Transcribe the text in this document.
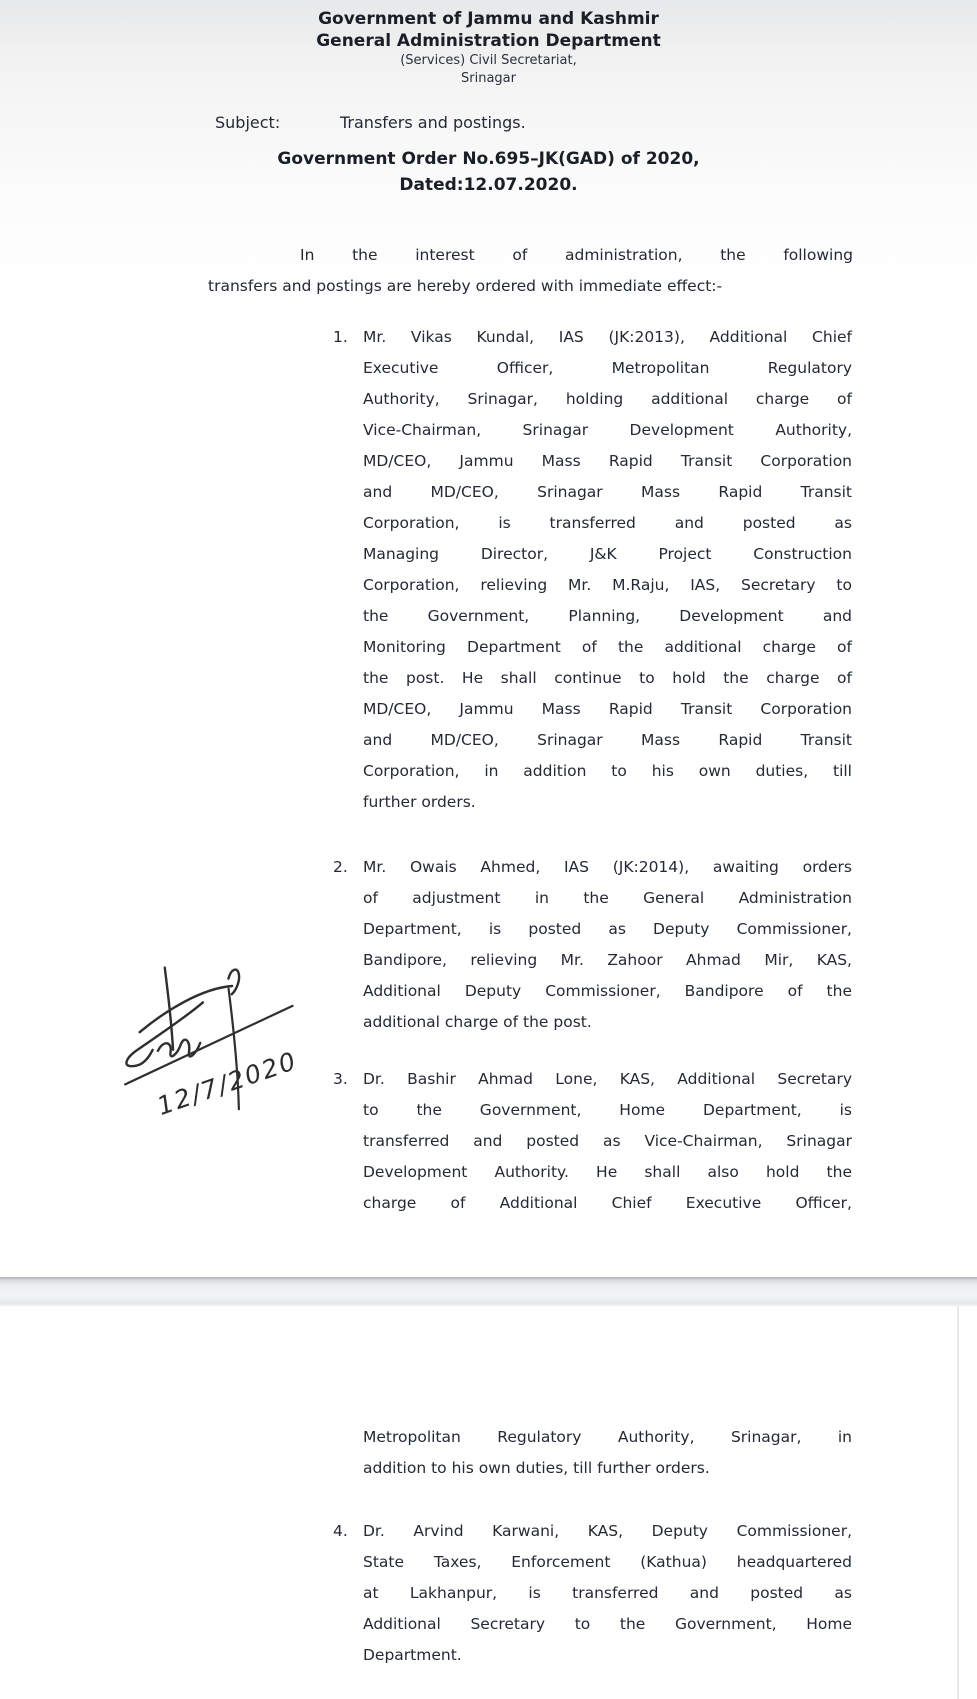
Government of Jammu and Kashmir
General Administration Department
(Services) Civil Secretariat,
Srinagar
Subject:	Transfers and postings.
Government Order No.695–JK(GAD) of 2020,
Dated:12.07.2020.
In the interest of administration, the following
transfers and postings are hereby ordered with immediate effect:-
1. Mr. Vikas Kundal, IAS (JK:2013), Additional Chief
Executive Officer, Metropolitan Regulatory
Authority, Srinagar, holding additional charge of
Vice-Chairman, Srinagar Development Authority,
MD/CEO, Jammu Mass Rapid Transit Corporation
and MD/CEO, Srinagar Mass Rapid Transit
Corporation, is transferred and posted as
Managing Director, J&K Project Construction
Corporation, relieving Mr. M.Raju, IAS, Secretary to
the Government, Planning, Development and
Monitoring Department of the additional charge of
the post. He shall continue to hold the charge of
MD/CEO, Jammu Mass Rapid Transit Corporation
and MD/CEO, Srinagar Mass Rapid Transit
Corporation, in addition to his own duties, till
further orders.
2. Mr. Owais Ahmed, IAS (JK:2014), awaiting orders
of adjustment in the General Administration
Department, is posted as Deputy Commissioner,
Bandipore, relieving Mr. Zahoor Ahmad Mir, KAS,
Additional Deputy Commissioner, Bandipore of the
additional charge of the post.
3. Dr. Bashir Ahmad Lone, KAS, Additional Secretary
to the Government, Home Department, is
transferred and posted as Vice-Chairman, Srinagar
Development Authority. He shall also hold the
charge of Additional Chief Executive Officer,
12/7/2020
Metropolitan Regulatory Authority, Srinagar, in
addition to his own duties, till further orders.
4. Dr. Arvind Karwani, KAS, Deputy Commissioner,
State Taxes, Enforcement (Kathua) headquartered
at Lakhanpur, is transferred and posted as
Additional Secretary to the Government, Home
Department.
